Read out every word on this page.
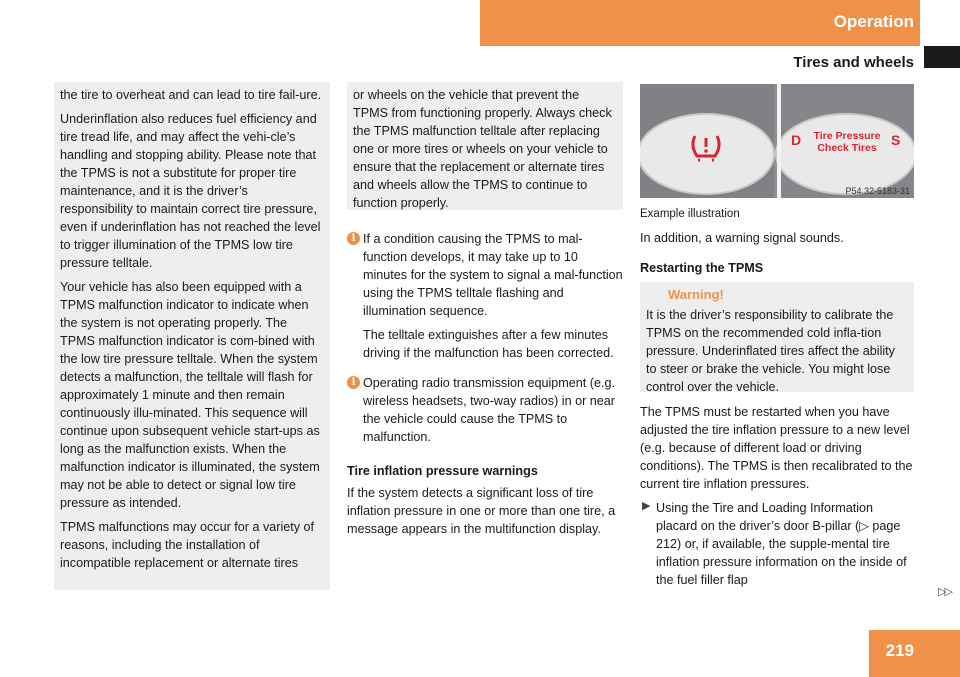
Operation
Tires and wheels

the tire to overheat and can lead to tire fail-ure.

Underinflation also reduces fuel efficiency and tire tread life, and may affect the vehi-cle’s handling and stopping ability. Please note that the TPMS is not a substitute for proper tire maintenance, and it is the driver’s responsibility to maintain correct tire pressure, even if underinflation has not reached the level to trigger illumination of the TPMS low tire pressure telltale.

Your vehicle has also been equipped with a TPMS malfunction indicator to indicate when the system is not operating properly. The TPMS malfunction indicator is com-bined with the low tire pressure telltale. When the system detects a malfunction, the telltale will flash for approximately 1 minute and then remain continuously illu-minated. This sequence will continue upon subsequent vehicle start-ups as long as the malfunction exists. When the malfunction indicator is illuminated, the system may not be able to detect or signal low tire pressure as intended.

TPMS malfunctions may occur for a variety of reasons, including the installation of incompatible replacement or alternate tires

or wheels on the vehicle that prevent the TPMS from functioning properly. Always check the TPMS malfunction telltale after replacing one or more tires or wheels on your vehicle to ensure that the replacement or alternate tires and wheels allow the TPMS to continue to function properly.

i If a condition causing the TPMS to mal-function develops, it may take up to 10 minutes for the system to signal a mal-function using the TPMS telltale flashing and illumination sequence.

The telltale extinguishes after a few minutes driving if the malfunction has been corrected.

i Operating radio transmission equipment (e.g. wireless headsets, two-way radios) in or near the vehicle could cause the TPMS to malfunction.

Tire inflation pressure warnings

If the system detects a significant loss of tire inflation pressure in one or more than one tire, a message appears in the multifunction display.

D	S
Tire Pressure
Check Tires
P54.32-5183-31

Example illustration

In addition, a warning signal sounds.

Restarting the TPMS

Warning!

It is the driver’s responsibility to calibrate the TPMS on the recommended cold infla-tion pressure. Underinflated tires affect the ability to steer or brake the vehicle. You might lose control over the vehicle.

The TPMS must be restarted when you have adjusted the tire inflation pressure to a new level (e.g. because of different load or driving conditions). The TPMS is then recalibrated to the current tire inflation pressures.

▶ Using the Tire and Loading Information placard on the driver’s door B-pillar (▷ page 212) or, if available, the supple-mental tire inflation pressure information on the inside of the fuel filler flap

▷▷
219
